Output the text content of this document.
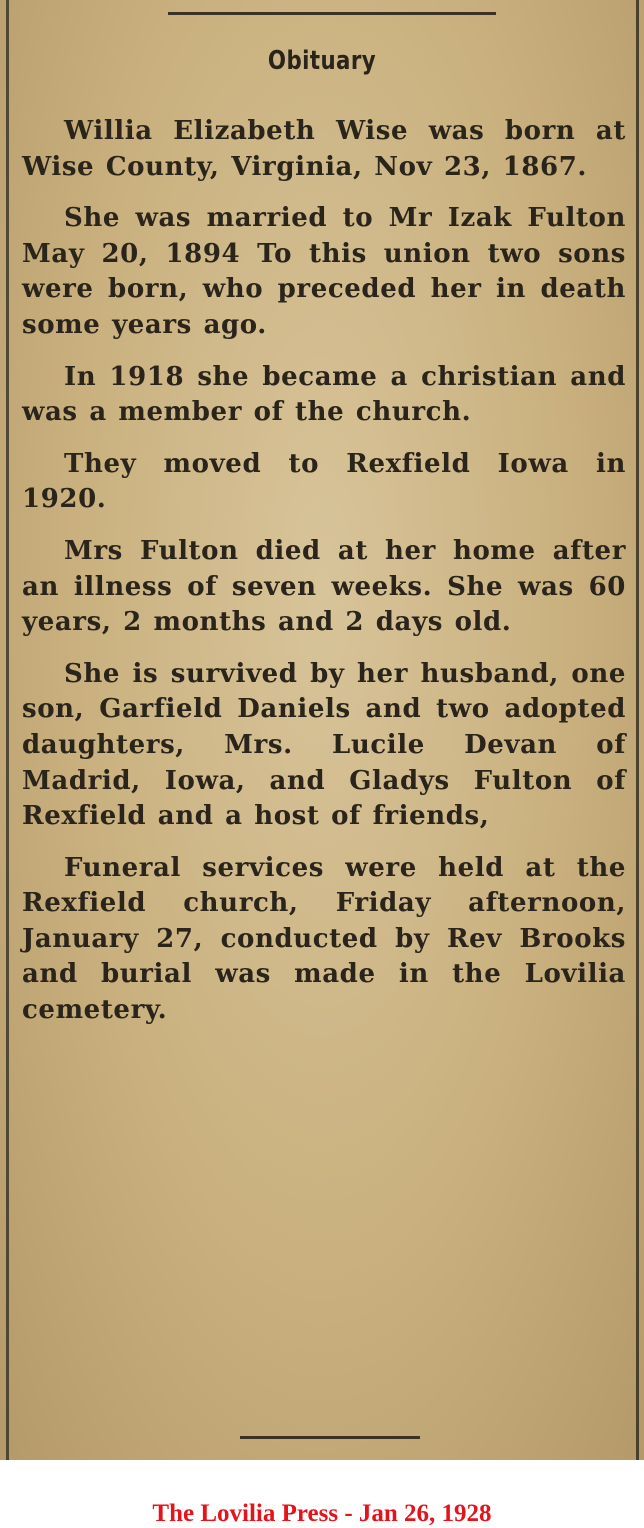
Obituary

Willia Elizabeth Wise was born at Wise County, Virginia, Nov 23, 1867.

She was married to Mr Izak Fulton May 20, 1894 To this union two sons were born, who preceded her in death some years ago.

In 1918 she became a christian and was a member of the church.

They moved to Rexfield Iowa in 1920.

Mrs Fulton died at her home after an illness of seven weeks. She was 60 years, 2 months and 2 days old.

She is survived by her husband, one son, Garfield Daniels and two adopted daughters, Mrs. Lucile Devan of Madrid, Iowa, and Gladys Fulton of Rexfield and a host of friends,

Funeral services were held at the Rexfield church, Friday afternoon, January 27, conducted by Rev Brooks and burial was made in the Lovilia cemetery.

The Lovilia Press - Jan 26, 1928
